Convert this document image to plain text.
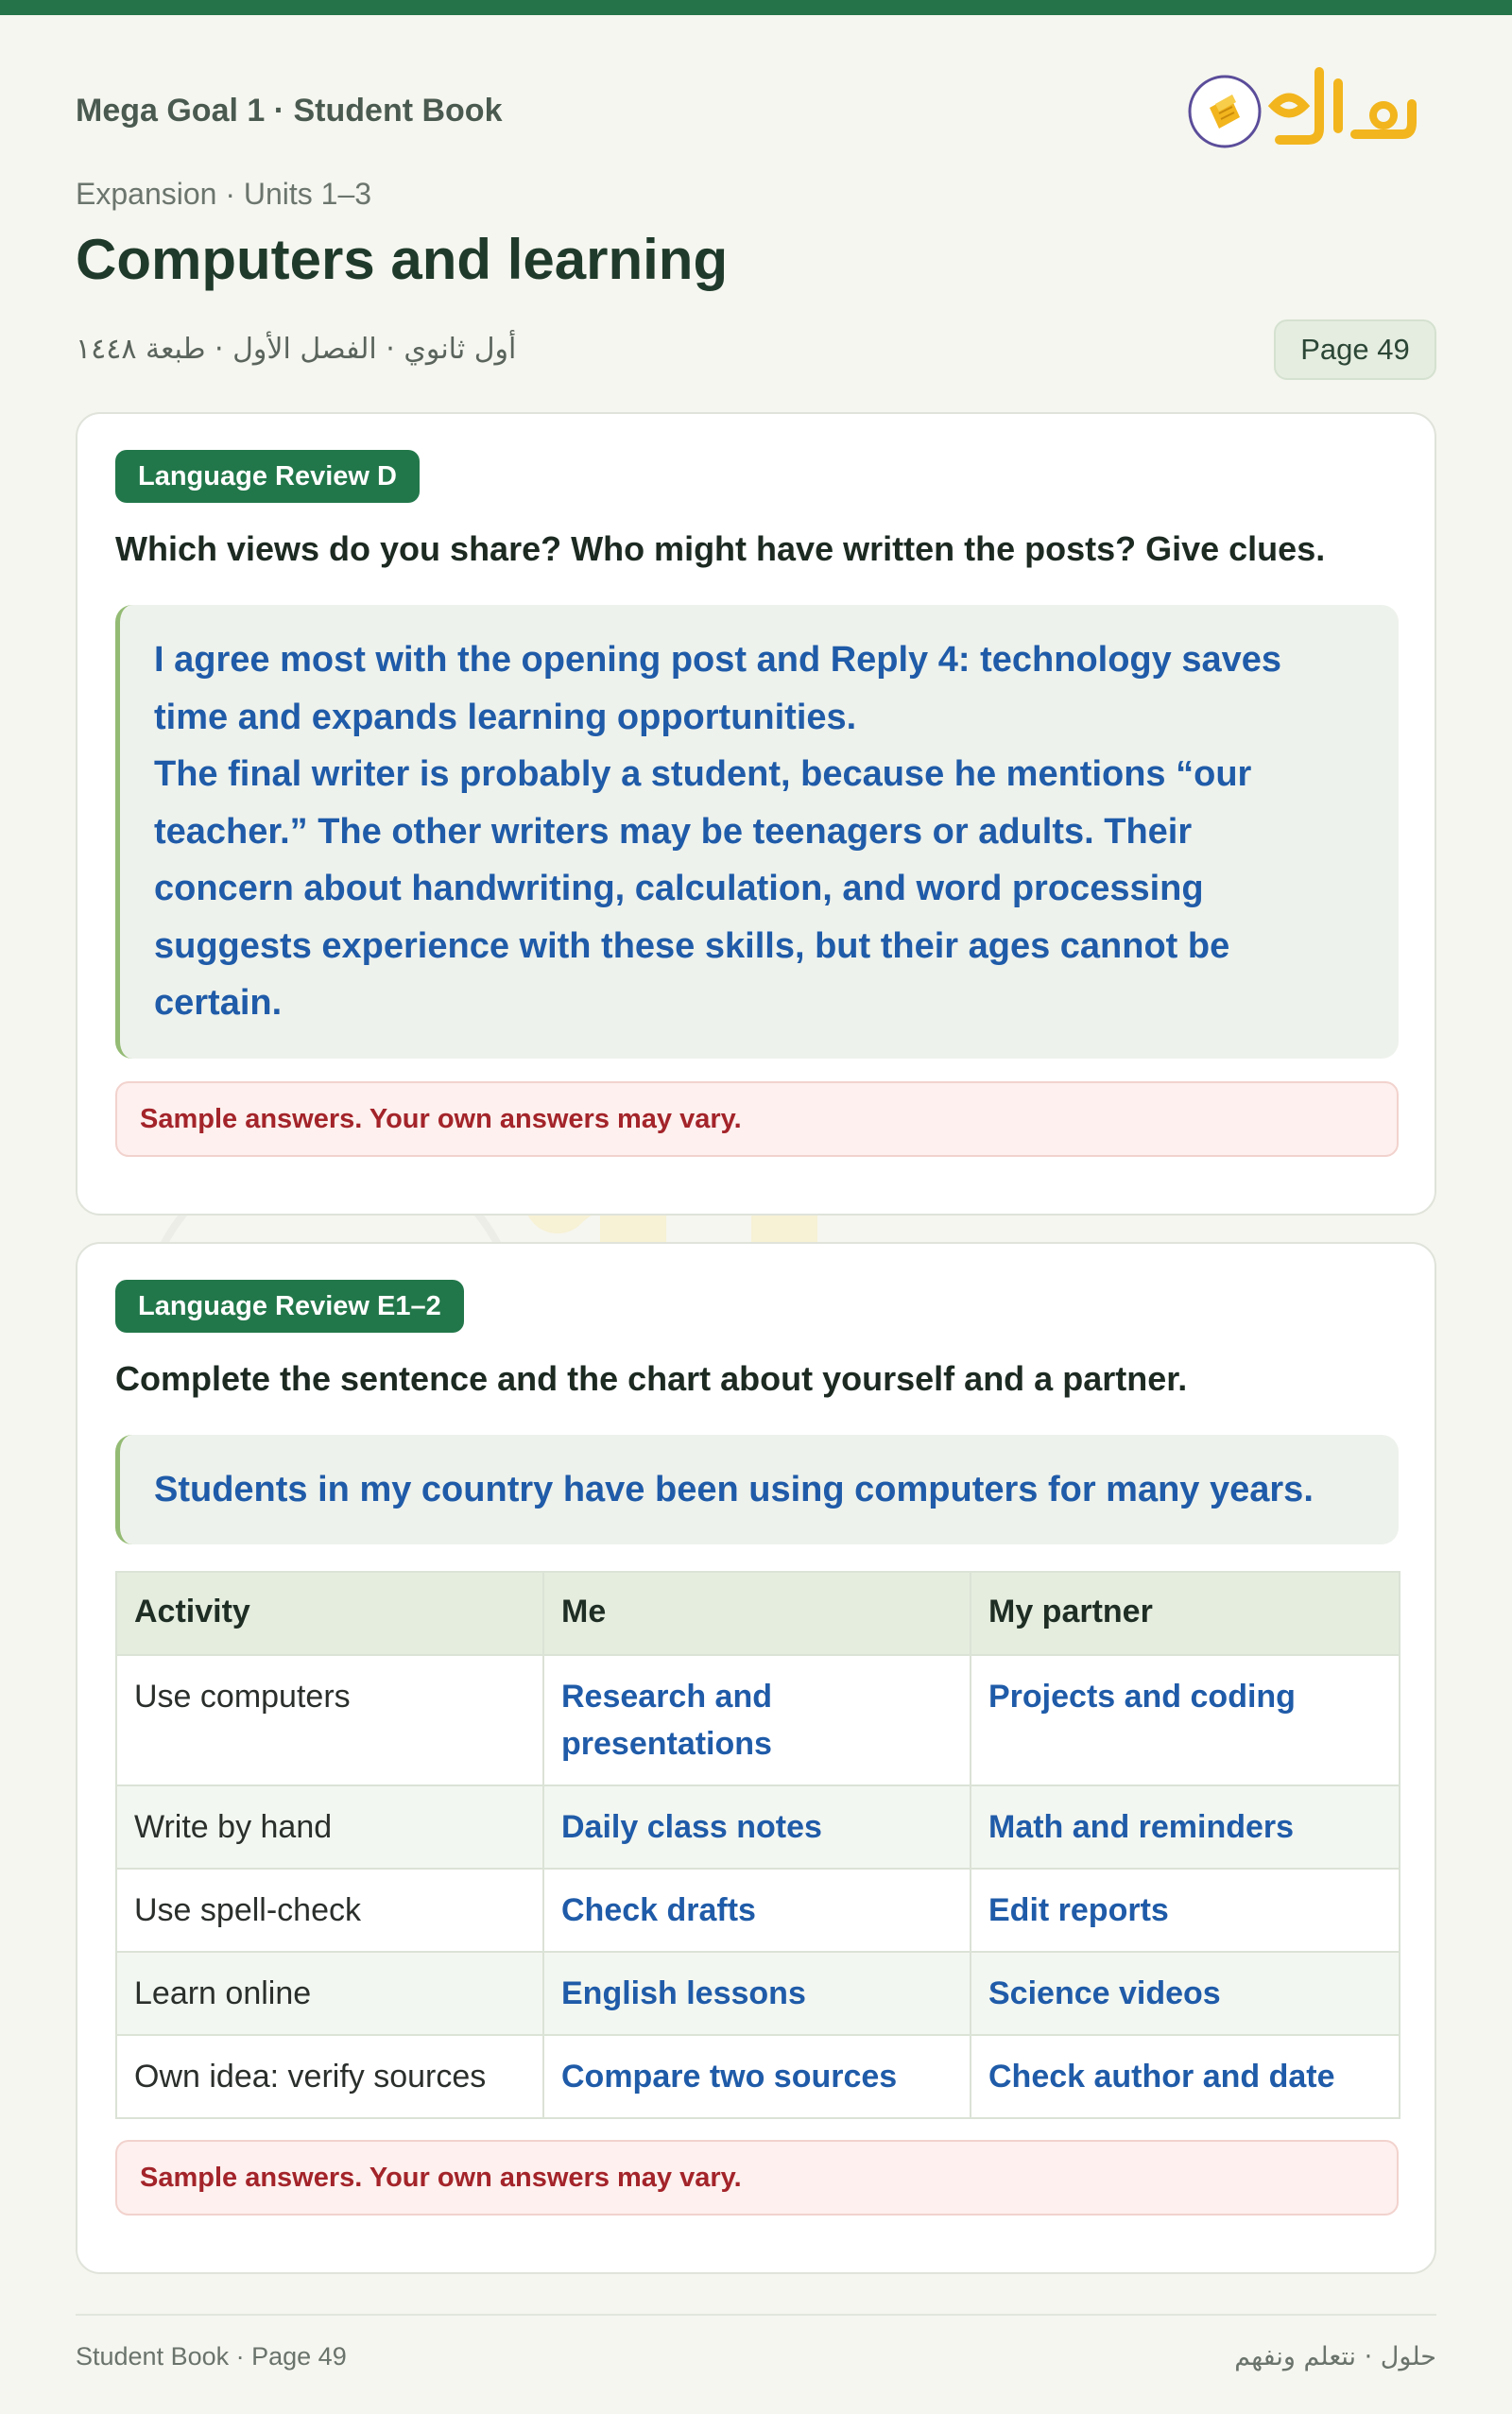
Mega Goal 1 · Student Book
Expansion · Units 1–3
Computers and learning
أول ثانوي · الفصل الأول · طبعة ١٤٤٨	Page 49
Language Review D
Which views do you share? Who might have written the posts? Give clues.
I agree most with the opening post and Reply 4: technology saves
time and expands learning opportunities.
The final writer is probably a student, because he mentions “our
teacher.” The other writers may be teenagers or adults. Their
concern about handwriting, calculation, and word processing
suggests experience with these skills, but their ages cannot be
certain.
Sample answers. Your own answers may vary.
Language Review E1–2
Complete the sentence and the chart about yourself and a partner.
Students in my country have been using computers for many years.
Activity	Me	My partner
Use computers	Research and presentations	Projects and coding
Write by hand	Daily class notes	Math and reminders
Use spell-check	Check drafts	Edit reports
Learn online	English lessons	Science videos
Own idea: verify sources	Compare two sources	Check author and date
Sample answers. Your own answers may vary.
Student Book · Page 49	حلول · نتعلم ونفهم
